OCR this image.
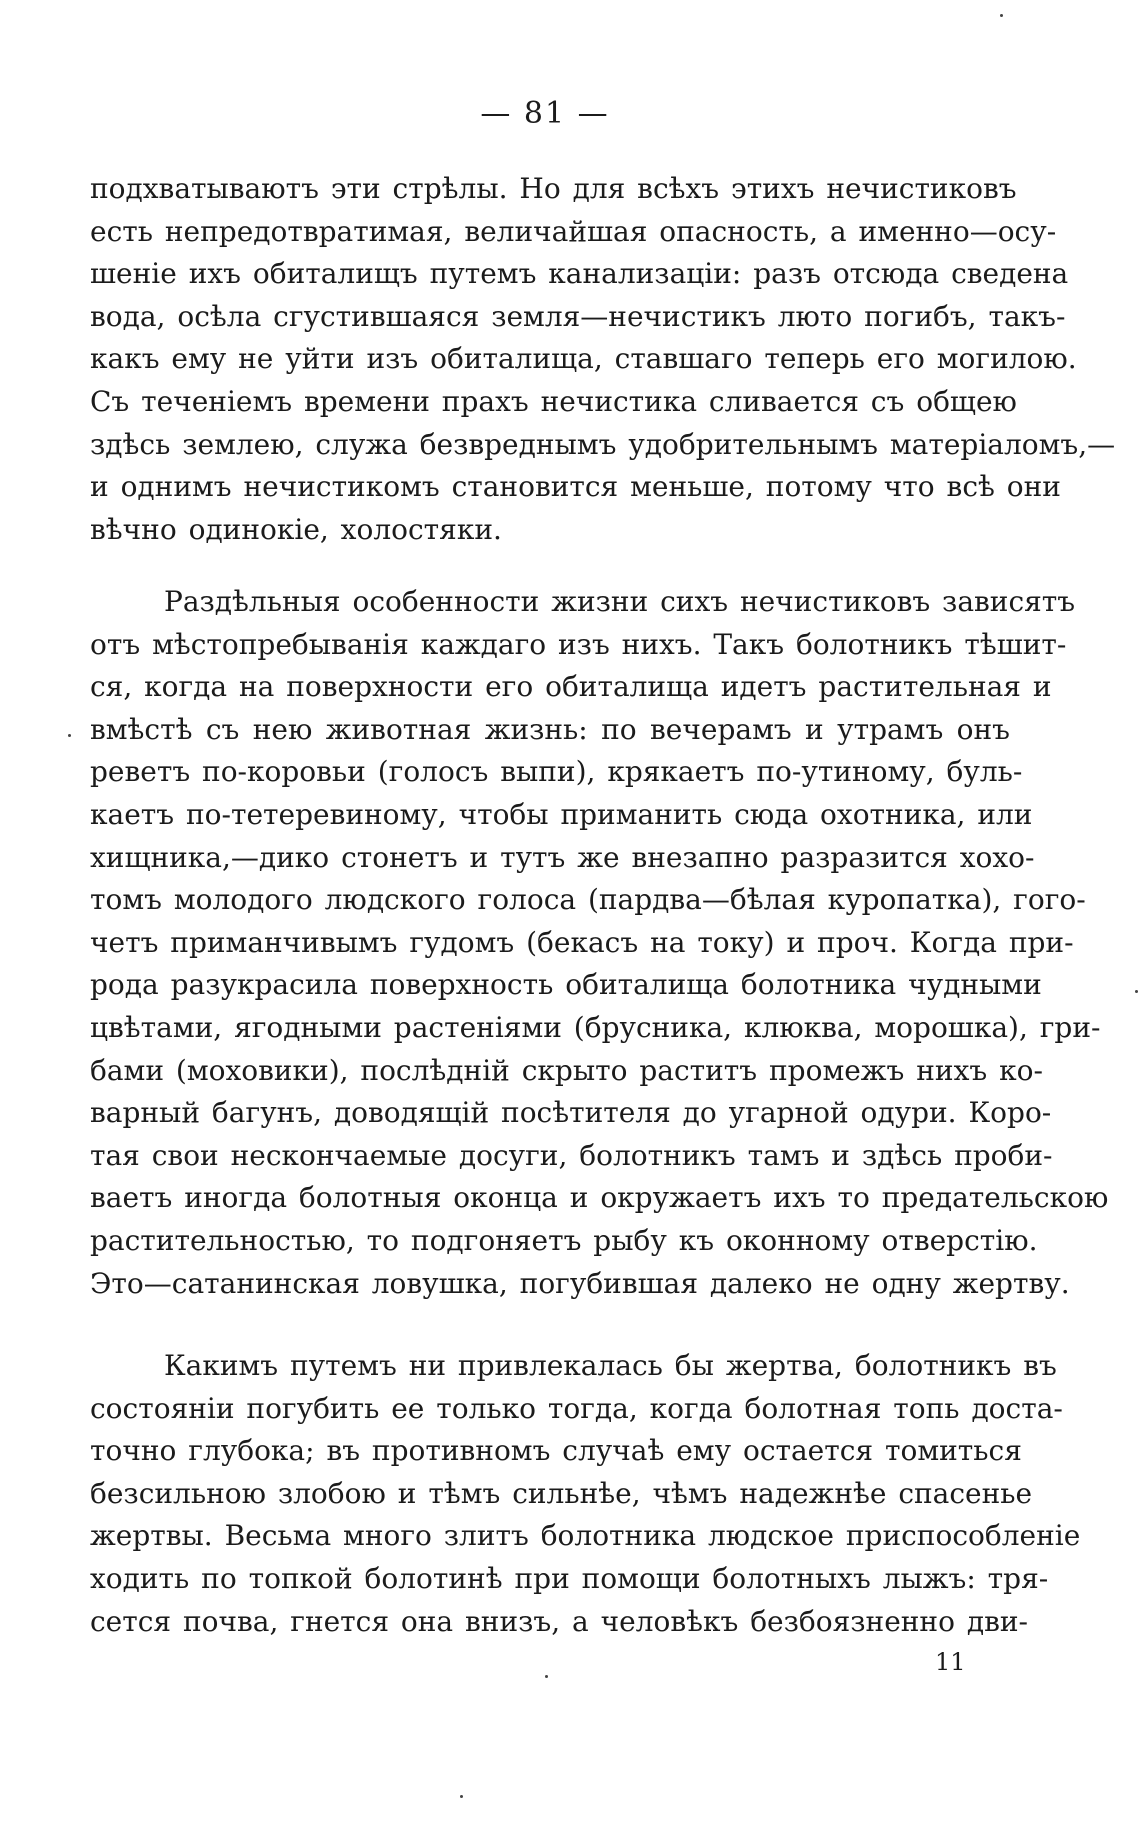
— 81 —
подхватываютъ эти стрѣлы. Но для всѣхъ этихъ нечистиковъ
есть непредотвратимая, величайшая опасность, а именно—осу-
шеніе ихъ обиталищъ путемъ канализаціи: разъ отсюда сведена
вода, осѣла сгустившаяся земля—нечистикъ люто погибъ, такъ-
какъ ему не уйти изъ обиталища, ставшаго теперь его могилою.
Съ теченіемъ времени прахъ нечистика сливается съ общею
здѣсь землею, служа безвреднымъ удобрительнымъ матеріаломъ,—
и однимъ нечистикомъ становится меньше, потому что всѣ они
вѣчно одинокіе, холостяки.
Раздѣльныя особенности жизни сихъ нечистиковъ зависятъ
отъ мѣстопребыванія каждаго изъ нихъ. Такъ болотникъ тѣшит-
ся, когда на поверхности его обиталища идетъ растительная и
вмѣстѣ съ нею животная жизнь: по вечерамъ и утрамъ онъ
реветъ по-коровьи (голосъ выпи), крякаетъ по-утиному, буль-
каетъ по-тетеревиному, чтобы приманить сюда охотника, или
хищника,—дико стонетъ и тутъ же внезапно разразится хохо-
томъ молодого людского голоса (пардва—бѣлая куропатка), гого-
четъ приманчивымъ гудомъ (бекасъ на току) и проч. Когда при-
рода разукрасила поверхность обиталища болотника чудными
цвѣтами, ягодными растеніями (брусника, клюква, морошка), гри-
бами (моховики), послѣдній скрыто раститъ промежъ нихъ ко-
варный багунъ, доводящій посѣтителя до угарной одури. Коро-
тая свои нескончаемые досуги, болотникъ тамъ и здѣсь проби-
ваетъ иногда болотныя оконца и окружаетъ ихъ то предательскою
растительностью, то подгоняетъ рыбу къ оконному отверстію.
Это—сатанинская ловушка, погубившая далеко не одну жертву.
Какимъ путемъ ни привлекалась бы жертва, болотникъ въ
состояніи погубить ее только тогда, когда болотная топь доста-
точно глубока; въ противномъ случаѣ ему остается томиться
безсильною злобою и тѣмъ сильнѣе, чѣмъ надежнѣе спасенье
жертвы. Весьма много злитъ болотника людское приспособленіе
ходить по топкой болотинѣ при помощи болотныхъ лыжъ: тря-
сется почва, гнется она внизъ, а человѣкъ безбоязненно дви-
11
